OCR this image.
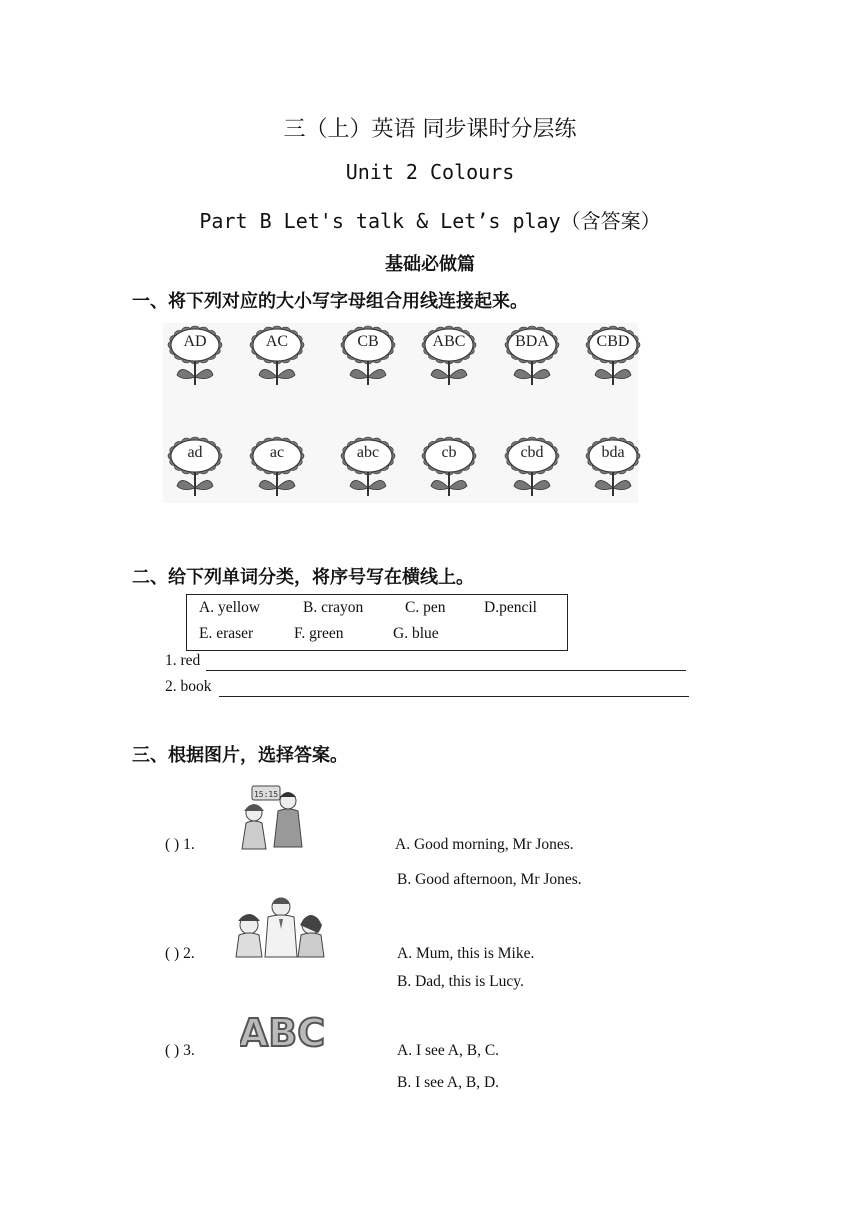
三（上）英语 同步课时分层练
Unit 2 Colours
Part B Let's talk & Let’s play（含答案）
基础必做篇
一、将下列对应的大小写字母组合用线连接起来。
AD	AC	CB	ABC	BDA	CBD
ad	ac	abc	cb	cbd	bda
二、给下列单词分类，将序号写在横线上。
A. yellow	B. crayon	C. pen D.pencil
E. eraser	F. green	G. blue
1. red
2. book
三、根据图片，选择答案。
15:15
( ) 1.	A. Good morning, Mr Jones.
B. Good afternoon, Mr Jones.
( ) 2.	A. Mum, this is Mike.
B. Dad, this is Lucy.
ABC
( ) 3.	A. I see A, B, C.
B. I see A, B, D.
